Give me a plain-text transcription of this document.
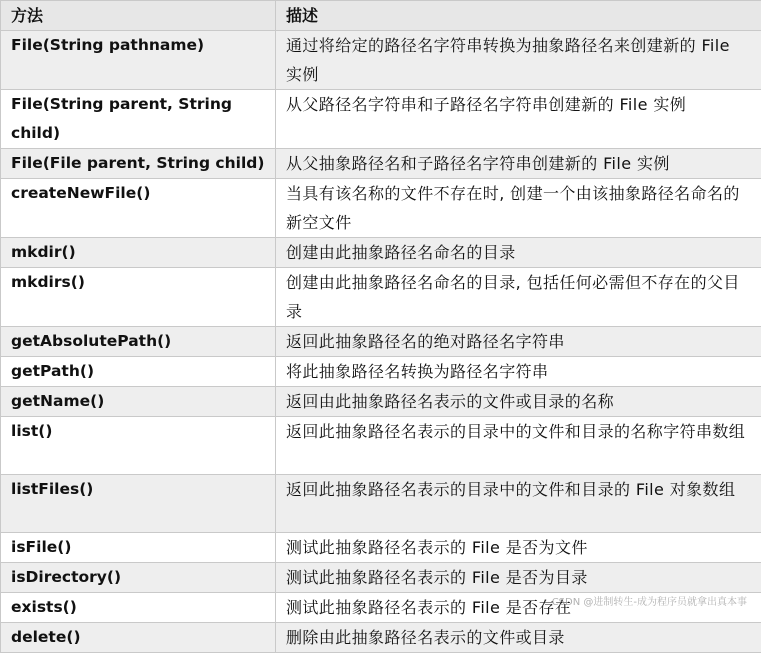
方法	描述
File(String pathname)	通过将给定的路径名字符串转换为抽象路径名来创建新的 File 实例
File(String parent, String child)	从父路径名字符串和子路径名字符串创建新的 File 实例
File(File parent, String child)	从父抽象路径名和子路径名字符串创建新的 File 实例
createNewFile()	当具有该名称的文件不存在时, 创建一个由该抽象路径名命名的新空文件
mkdir()	创建由此抽象路径名命名的目录
mkdirs()	创建由此抽象路径名命名的目录, 包括任何必需但不存在的父目录
getAbsolutePath()	返回此抽象路径名的绝对路径名字符串
getPath()	将此抽象路径名转换为路径名字符串
getName()	返回由此抽象路径名表示的文件或目录的名称
list()	返回此抽象路径名表示的目录中的文件和目录的名称字符串数组
listFiles()	返回此抽象路径名表示的目录中的文件和目录的 File 对象数组
isFile()	测试此抽象路径名表示的 File 是否为文件
isDirectory()	测试此抽象路径名表示的 File 是否为目录
exists()	测试此抽象路径名表示的 File 是否存在
delete()	删除由此抽象路径名表示的文件或目录
CSDN @进制转生-成为程序员就拿出真本事
